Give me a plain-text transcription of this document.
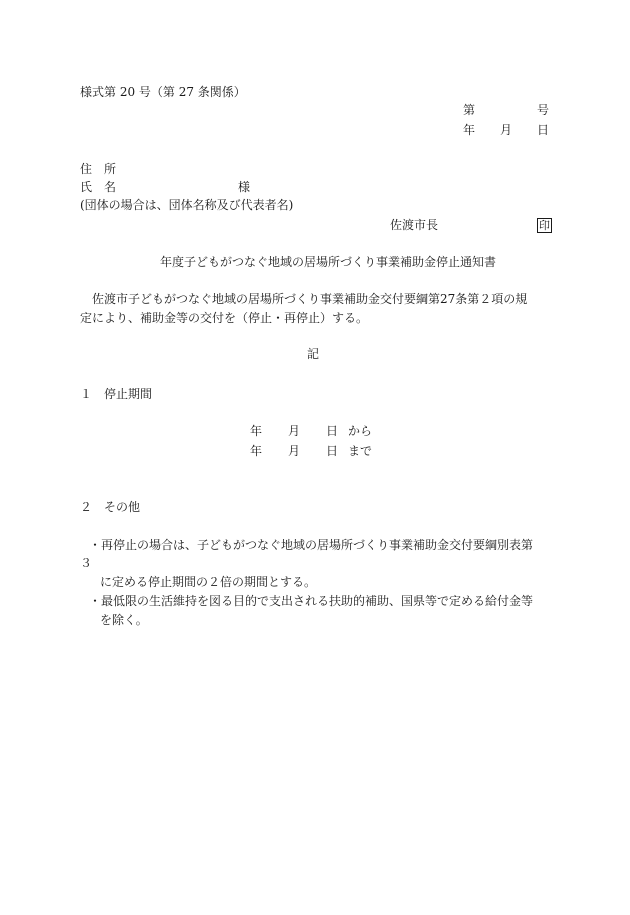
様式第 20 号（第 27 条関係）
第	号
年 月 日
住　所
氏　名	様
(団体の場合は、団体名称及び代表者名)
佐渡市長	印
年度子どもがつなぐ地域の居場所づくり事業補助金停止通知書
佐渡市子どもがつなぐ地域の居場所づくり事業補助金交付要綱第27条第２項の規
定により、補助金等の交付を（停止・再停止）する。
記
１　停止期間
年 月 日 から
年 月 日 まで
２　その他
・再停止の場合は、子どもがつなぐ地域の居場所づくり事業補助金交付要綱別表第
３
に定める停止期間の２倍の期間とする。
・最低限の生活維持を図る目的で支出される扶助的補助、国県等で定める給付金等
を除く。
